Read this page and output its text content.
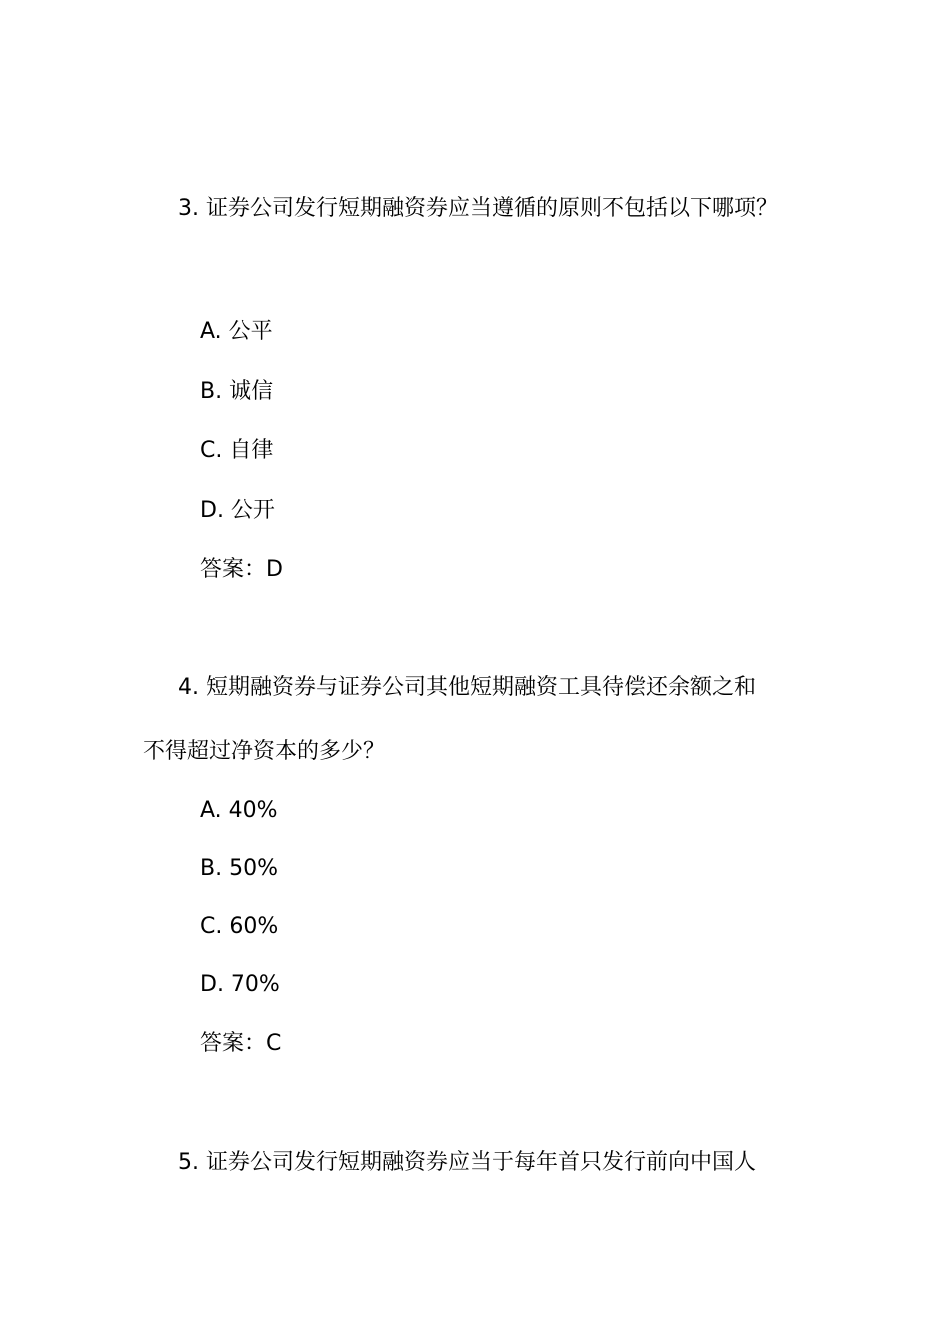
3. 证券公司发行短期融资券应当遵循的原则不包括以下哪项？
A. 公平
B. 诚信
C. 自律
D. 公开
答案：D
4. 短期融资券与证券公司其他短期融资工具待偿还余额之和
不得超过净资本的多少？
A. 40%
B. 50%
C. 60%
D. 70%
答案：C
5. 证券公司发行短期融资券应当于每年首只发行前向中国人
